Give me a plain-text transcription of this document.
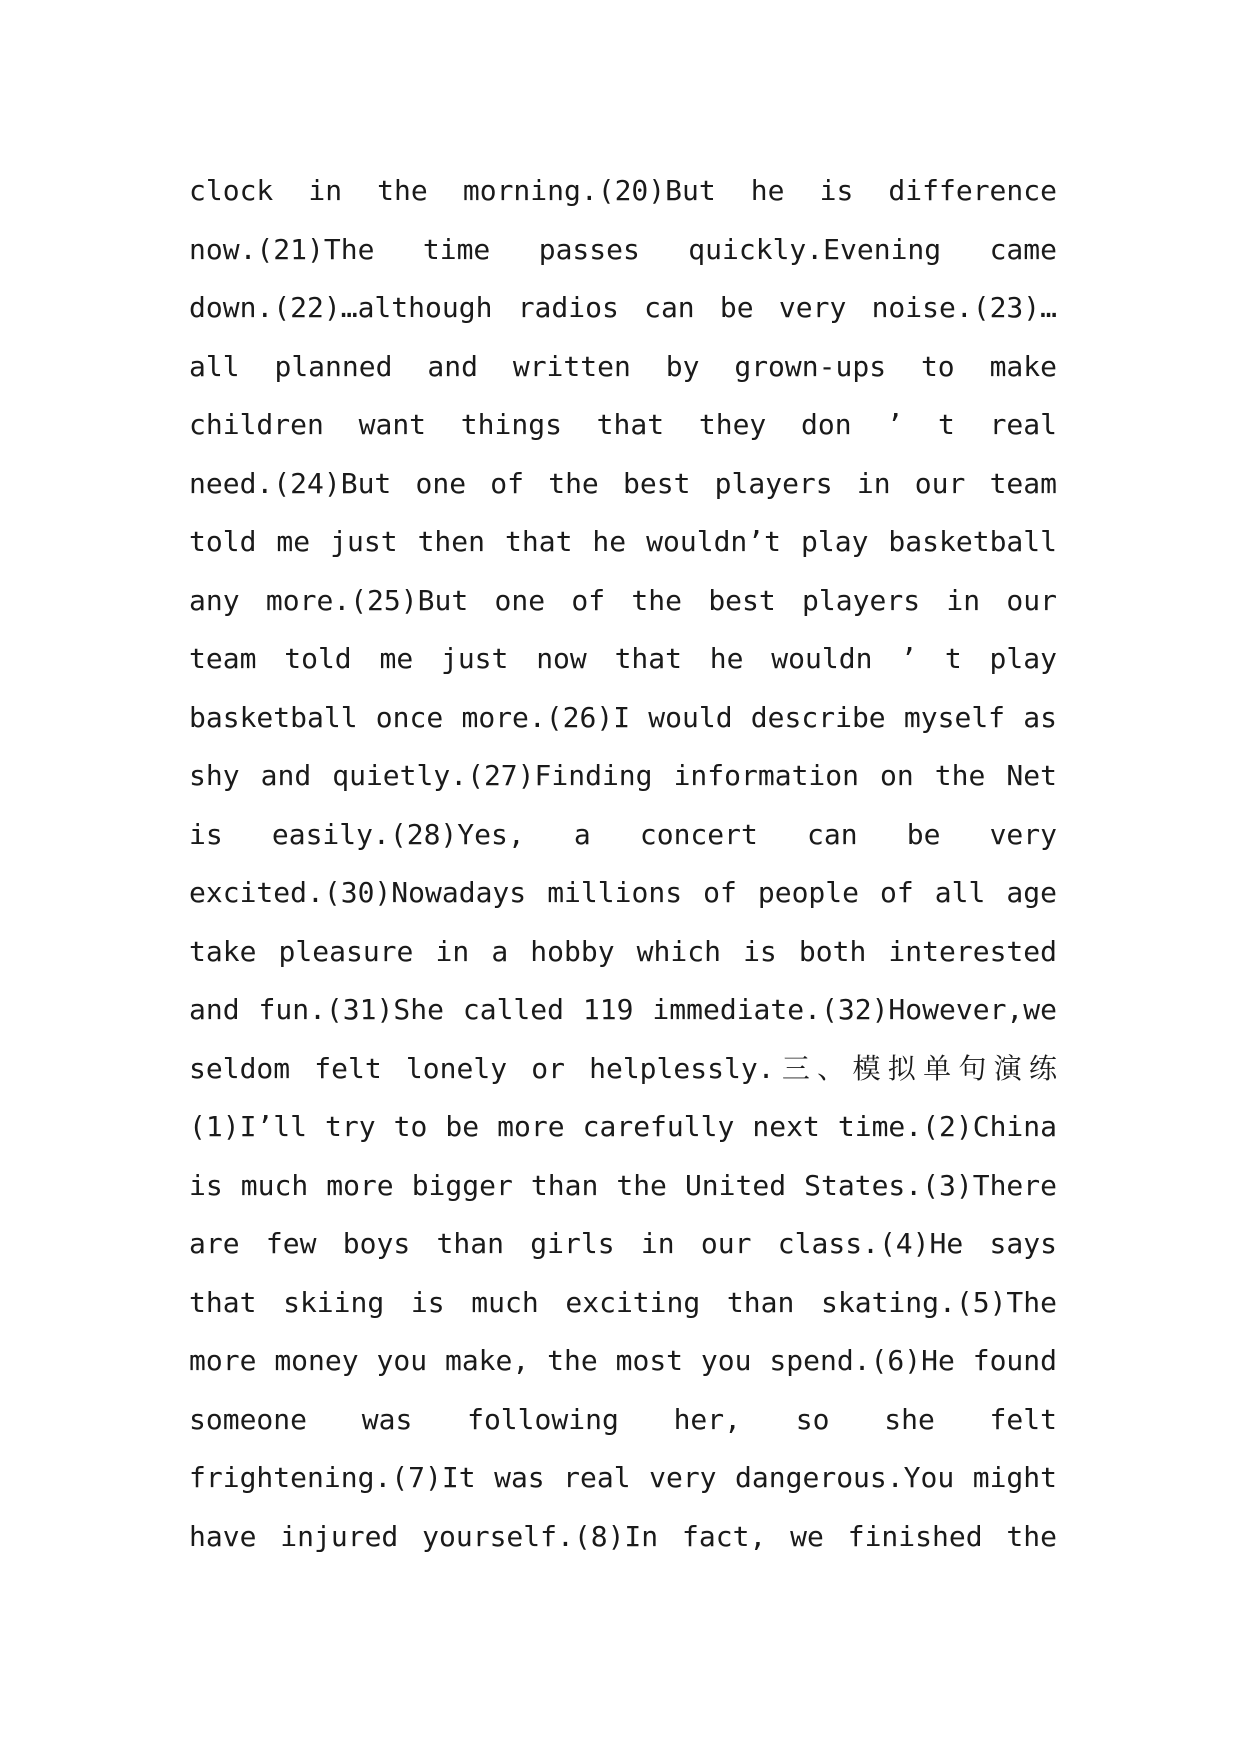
clock in the morning.(20)But he is difference
now.(21)The time passes quickly.Evening came
down.(22)…although radios can be very noise.(23)…
all planned and written by grown-ups to make
children want things that they don ’ t real
need.(24)But one of the best players in our team
told me just then that he wouldn’t play basketball
any more.(25)But one of the best players in our
team told me just now that he wouldn ’ t play
basketball once more.(26)I would describe myself as
shy and quietly.(27)Finding information on the Net
is easily.(28)Yes, a concert can be very
excited.(30)Nowadays millions of people of all age
take pleasure in a hobby which is both interested
and fun.(31)She called 119 immediate.(32)However,we
seldom felt lonely or helplessly.三、模拟单句演练
(1)I’ll try to be more carefully next time.(2)China
is much more bigger than the United States.(3)There
are few boys than girls in our class.(4)He says
that skiing is much exciting than skating.(5)The
more money you make, the most you spend.(6)He found
someone was following her, so she felt
frightening.(7)It was real very dangerous.You might
have injured yourself.(8)In fact, we finished the
